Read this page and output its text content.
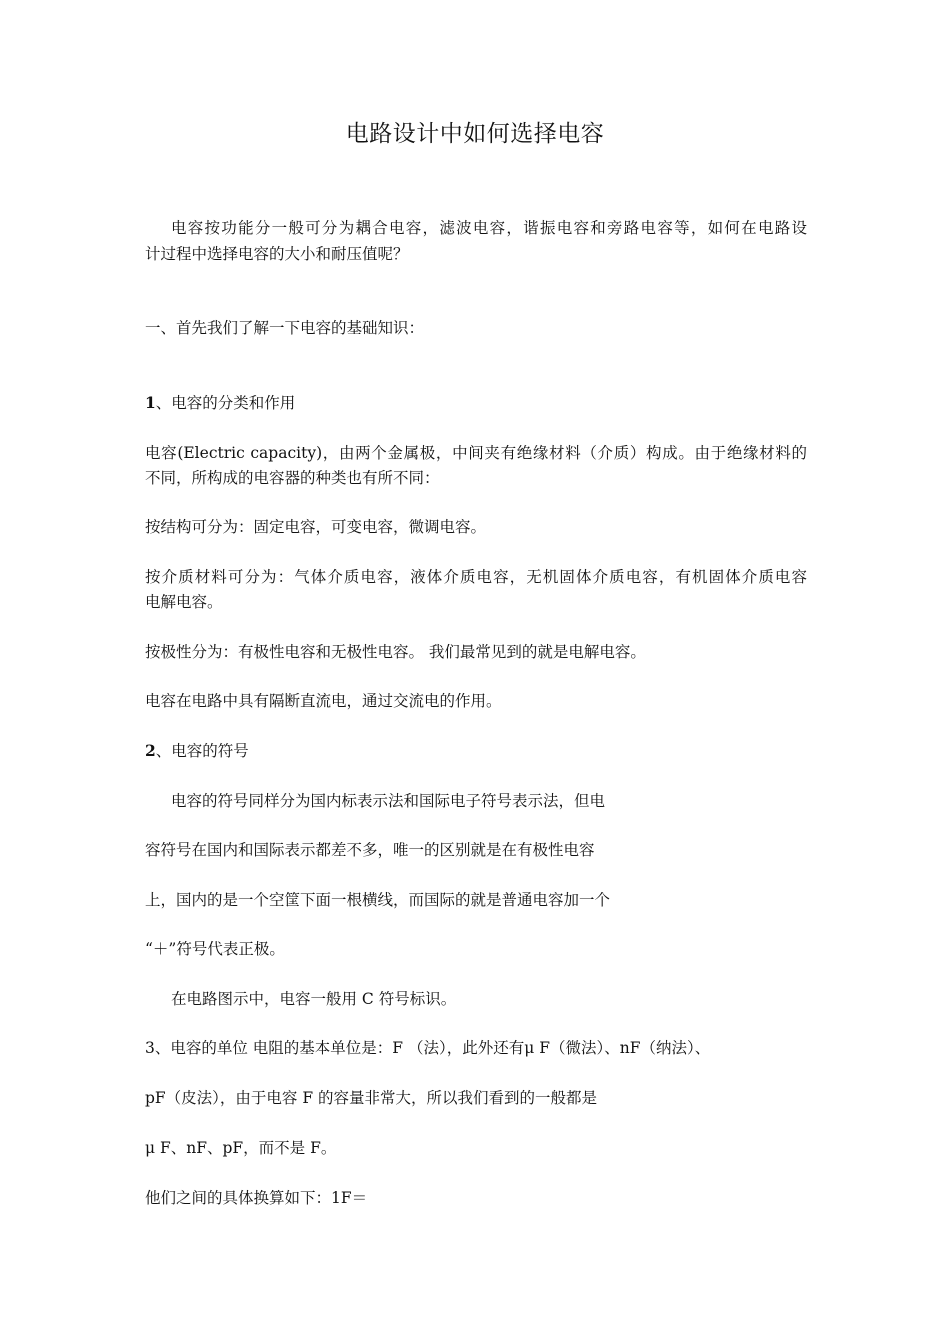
电路设计中如何选择电容
电容按功能分一般可分为耦合电容，滤波电容，谐振电容和旁路电容等，如何在电路设
计过程中选择电容的大小和耐压值呢？
一、首先我们了解一下电容的基础知识：
1、电容的分类和作用
电容(Electric capacity)，由两个金属极，中间夹有绝缘材料（介质）构成。由于绝缘材料的
不同，所构成的电容器的种类也有所不同：
按结构可分为：固定电容，可变电容，微调电容。
按介质材料可分为：气体介质电容，液体介质电容，无机固体介质电容，有机固体介质电容
电解电容。
按极性分为：有极性电容和无极性电容。 我们最常见到的就是电解电容。
电容在电路中具有隔断直流电，通过交流电的作用。
2、电容的符号
电容的符号同样分为国内标表示法和国际电子符号表示法，但电
容符号在国内和国际表示都差不多，唯一的区别就是在有极性电容
上，国内的是一个空筐下面一根横线，而国际的就是普通电容加一个
“＋”符号代表正极。
在电路图示中，电容一般用 C 符号标识。
3、电容的单位 电阻的基本单位是：F （法），此外还有μ F（微法）、nF（纳法）、
pF（皮法），由于电容 F 的容量非常大，所以我们看到的一般都是
μ F、nF、pF，而不是 F。
他们之间的具体换算如下：1F＝
